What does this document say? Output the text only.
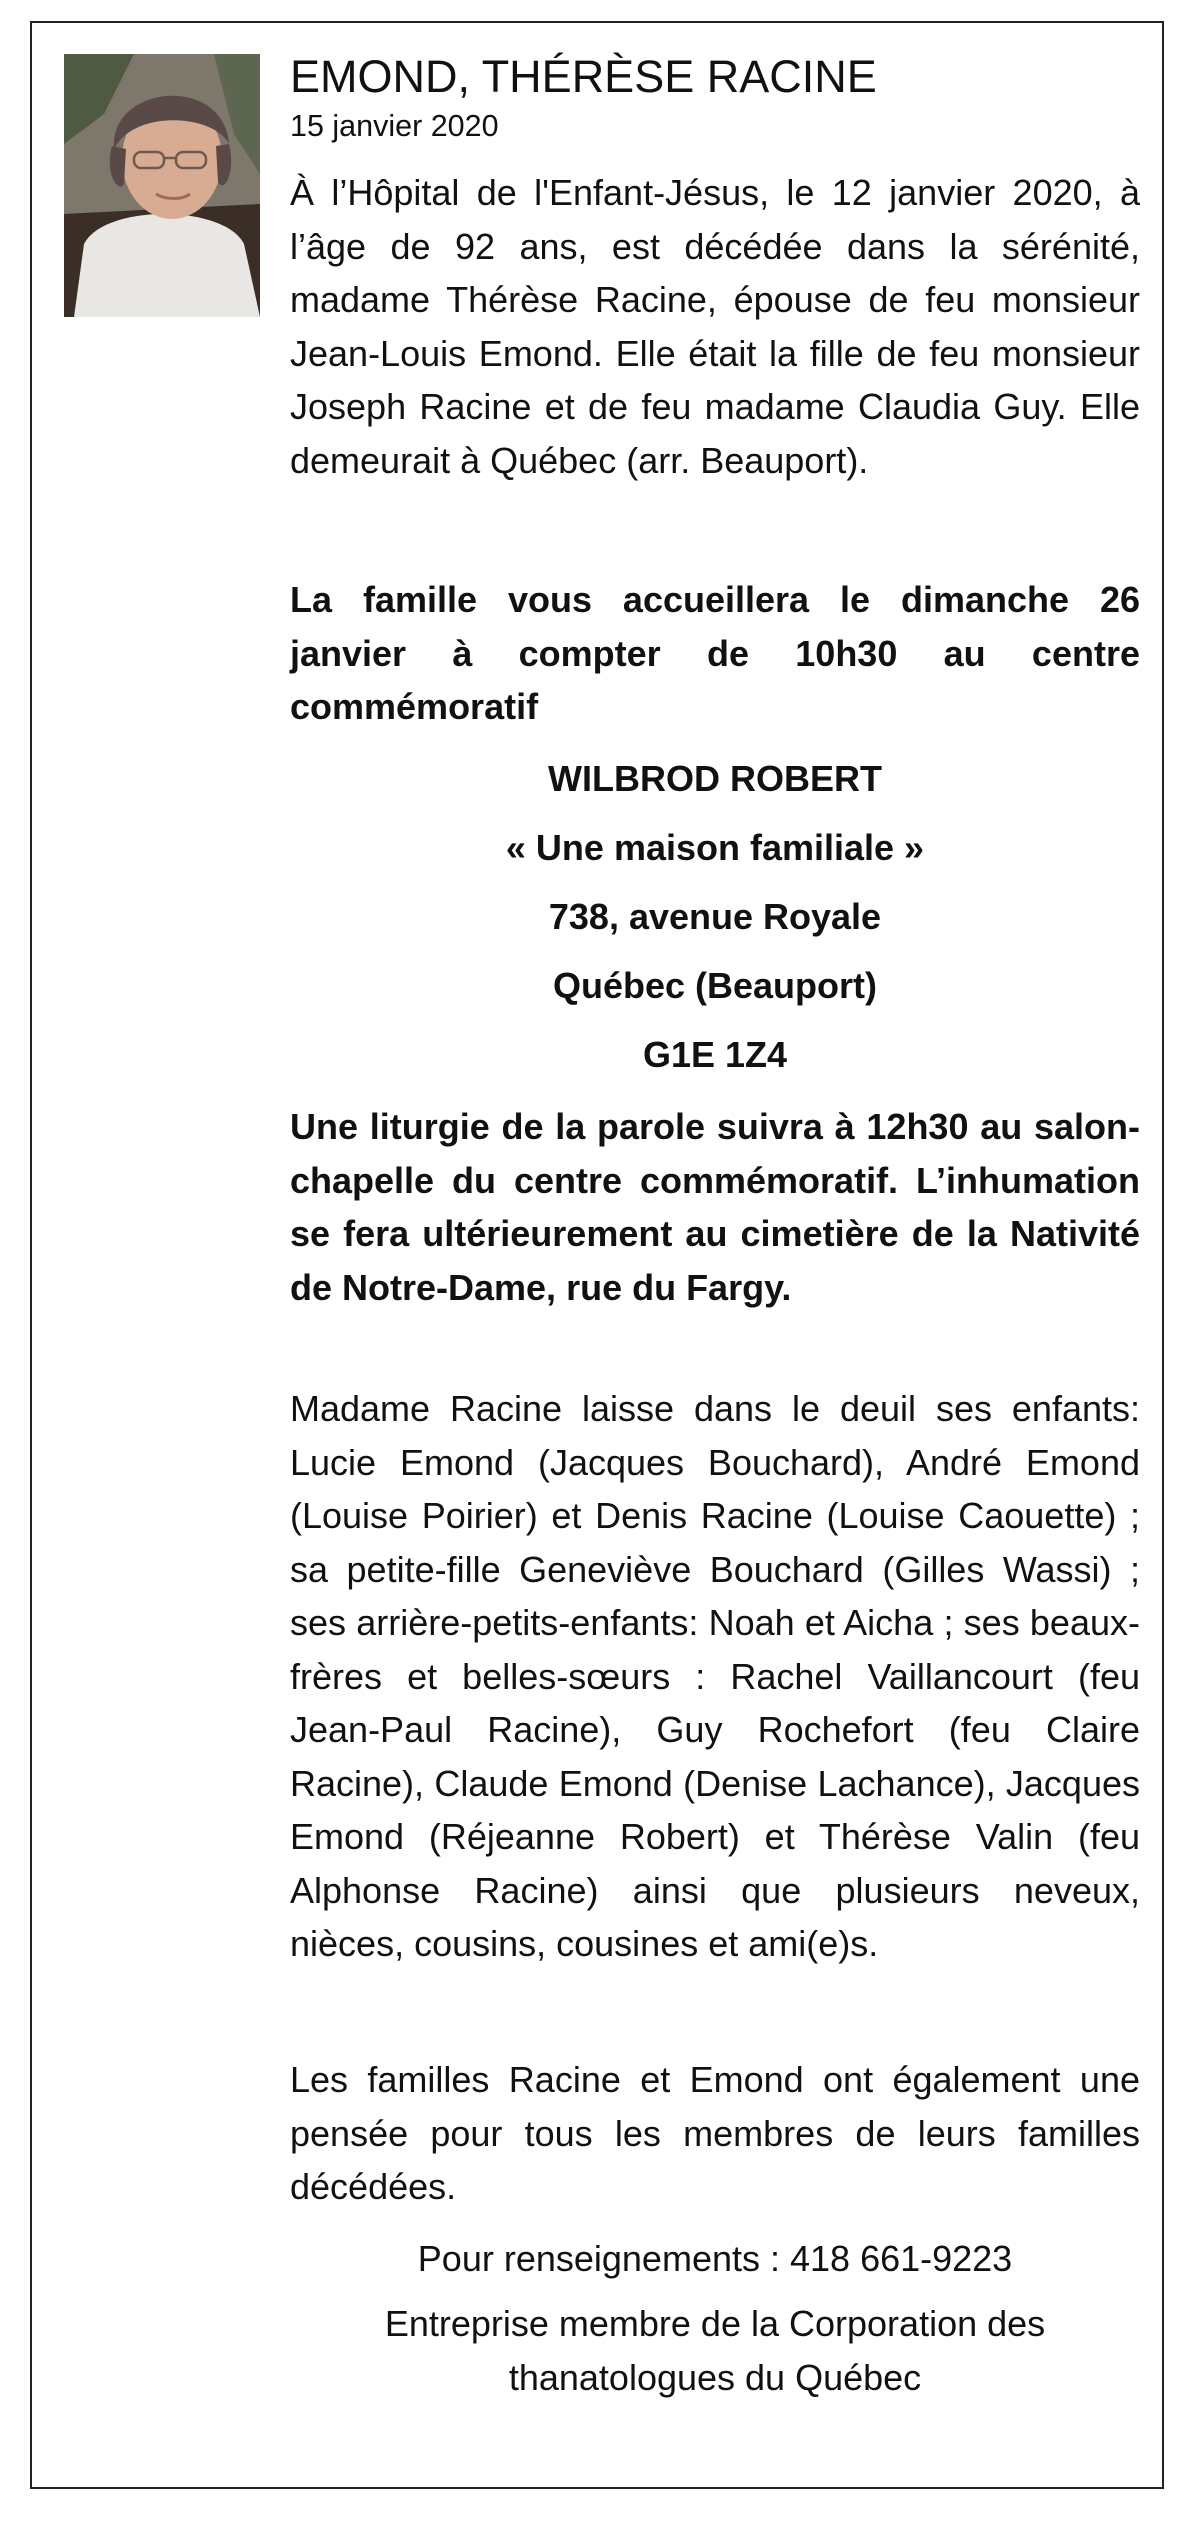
EMOND, THÉRÈSE RACINE
15 janvier 2020
À l’Hôpital de l'Enfant-Jésus, le 12 janvier 2020, à l’âge de 92 ans, est décédée dans la sérénité, madame Thérèse Racine, épouse de feu monsieur Jean-Louis Emond. Elle était la fille de feu monsieur Joseph Racine et de feu madame Claudia Guy. Elle demeurait à Québec (arr. Beauport).
La famille vous accueillera le dimanche 26 janvier à compter de 10h30 au centre commémoratif
WILBROD ROBERT
« Une maison familiale »
738, avenue Royale
Québec (Beauport)
G1E 1Z4
Une liturgie de la parole suivra à 12h30 au salon-chapelle du centre commémoratif. L’inhumation se fera ultérieurement au cimetière de la Nativité de Notre-Dame, rue du Fargy.
Madame Racine laisse dans le deuil ses enfants: Lucie Emond (Jacques Bouchard), André Emond (Louise Poirier) et Denis Racine (Louise Caouette) ; sa petite-fille Geneviève Bouchard (Gilles Wassi) ; ses arrière-petits-enfants: Noah et Aicha ; ses beaux-frères et belles-sœurs : Rachel Vaillancourt (feu Jean-Paul Racine), Guy Rochefort (feu Claire Racine), Claude Emond (Denise Lachance), Jacques Emond (Réjeanne Robert) et Thérèse Valin (feu Alphonse Racine) ainsi que plusieurs neveux, nièces, cousins, cousines et ami(e)s.
Les familles Racine et Emond ont également une pensée pour tous les membres de leurs familles décédées.
Pour renseignements : 418 661-9223
Entreprise membre de la Corporation des thanatologues du Québec
